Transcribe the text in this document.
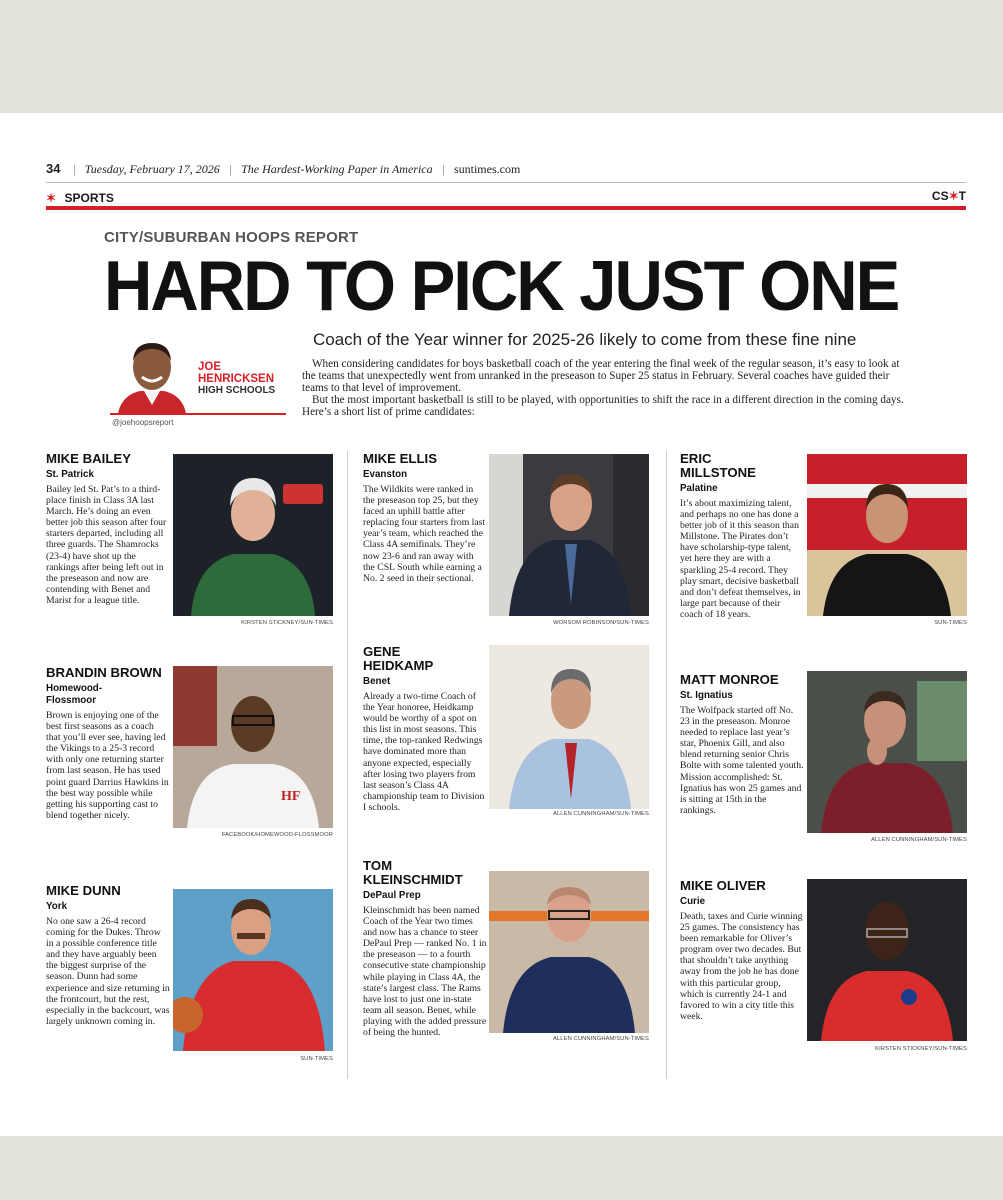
34 | Tuesday, February 17, 2026 | The Hardest-Working Paper in America | suntimes.com
✶ SPORTS	CS✶T
CITY/SUBURBAN HOOPS REPORT
HARD TO PICK JUST ONE
JOE
HENRICKSEN
HIGH SCHOOLS
@joehoopsreport
Coach of the Year winner for 2025-26 likely to come from these fine nine

When considering candidates for boys basketball coach of the year entering the final week of the regular season, it’s easy to look at the teams that unexpectedly went from unranked in the preseason to Super 25 status in February. Several coaches have guided their teams to that level of improvement.

But the most important basketball is still to be played, with opportunities to shift the race in a different direction in the coming days. Here’s a short list of prime candidates:

MIKE BAILEY
St. Patrick
Bailey led St. Pat’s to a third-place finish in Class 3A last March. He’s doing an even better job this season after four starters departed, including all three guards. The Shamrocks (23-4) have shot up the rankings after being left out in the preseason and now are contending with Benet and Marist for a league title.
KIRSTEN STICKNEY/SUN-TIMES
BRANDIN BROWN
Homewood-Flossmoor
Brown is enjoying one of the best first seasons as a coach that you’ll ever see, having led the Vikings to a 25-3 record with only one returning starter from last season. He has used point guard Darrius Hawkins in the best way possible while getting his supporting cast to blend together nicely.
HF
FACEBOOK/HOMEWOOD-FLOSSMOOR
MIKE DUNN
York
No one saw a 26-4 record coming for the Dukes. Throw in a possible conference title and they have arguably been the biggest surprise of the season. Dunn had some experience and size returning in the frontcourt, but the rest, especially in the backcourt, was largely unknown coming in.
SUN-TIMES
MIKE ELLIS
Evanston
The Wildkits were ranked in the preseason top 25, but they faced an uphill battle after replacing four starters from last year’s team, which reached the Class 4A semifinals. They’re now 23-6 and ran away with the CSL South while earning a No. 2 seed in their sectional.
WORSOM ROBINSON/SUN-TIMES
GENE HEIDKAMP
Benet
Already a two-time Coach of the Year honoree, Heidkamp would be worthy of a spot on this list in most seasons. This time, the top-ranked Redwings have dominated more than anyone expected, especially after losing two players from last season’s Class 4A championship team to Division I schools.
ALLEN CUNNINGHAM/SUN-TIMES
TOM KLEINSCHMIDT
DePaul Prep
Kleinschmidt has been named Coach of the Year two times and now has a chance to steer DePaul Prep — ranked No. 1 in the preseason — to a fourth consecutive state championship while playing in Class 4A, the state’s largest class. The Rams have lost to just one in-state team all season. Benet, while playing with the added pressure of being the hunted.
ALLEN CUNNINGHAM/SUN-TIMES
ERIC MILLSTONE
Palatine
It’s about maximizing talent, and perhaps no one has done a better job of it this season than Millstone. The Pirates don’t have scholarship-type talent, yet here they are with a sparkling 25-4 record. They play smart, decisive basketball and don’t defeat themselves, in large part because of their coach of 18 years.
SUN-TIMES
MATT MONROE
St. Ignatius
The Wolfpack started off No. 23 in the preseason. Monroe needed to replace last year’s star, Phoenix Gill, and also blend returning senior Chris Bolte with some talented youth. Mission accomplished: St. Ignatius has won 25 games and is sitting at 15th in the rankings.
ALLEN CUNNINGHAM/SUN-TIMES
MIKE OLIVER
Curie
Death, taxes and Curie winning 25 games. The consistency has been remarkable for Oliver’s program over two decades. But that shouldn’t take anything away from the job he has done with this particular group, which is currently 24-1 and favored to win a city title this week.
KIRSTEN STICKNEY/SUN-TIMES
